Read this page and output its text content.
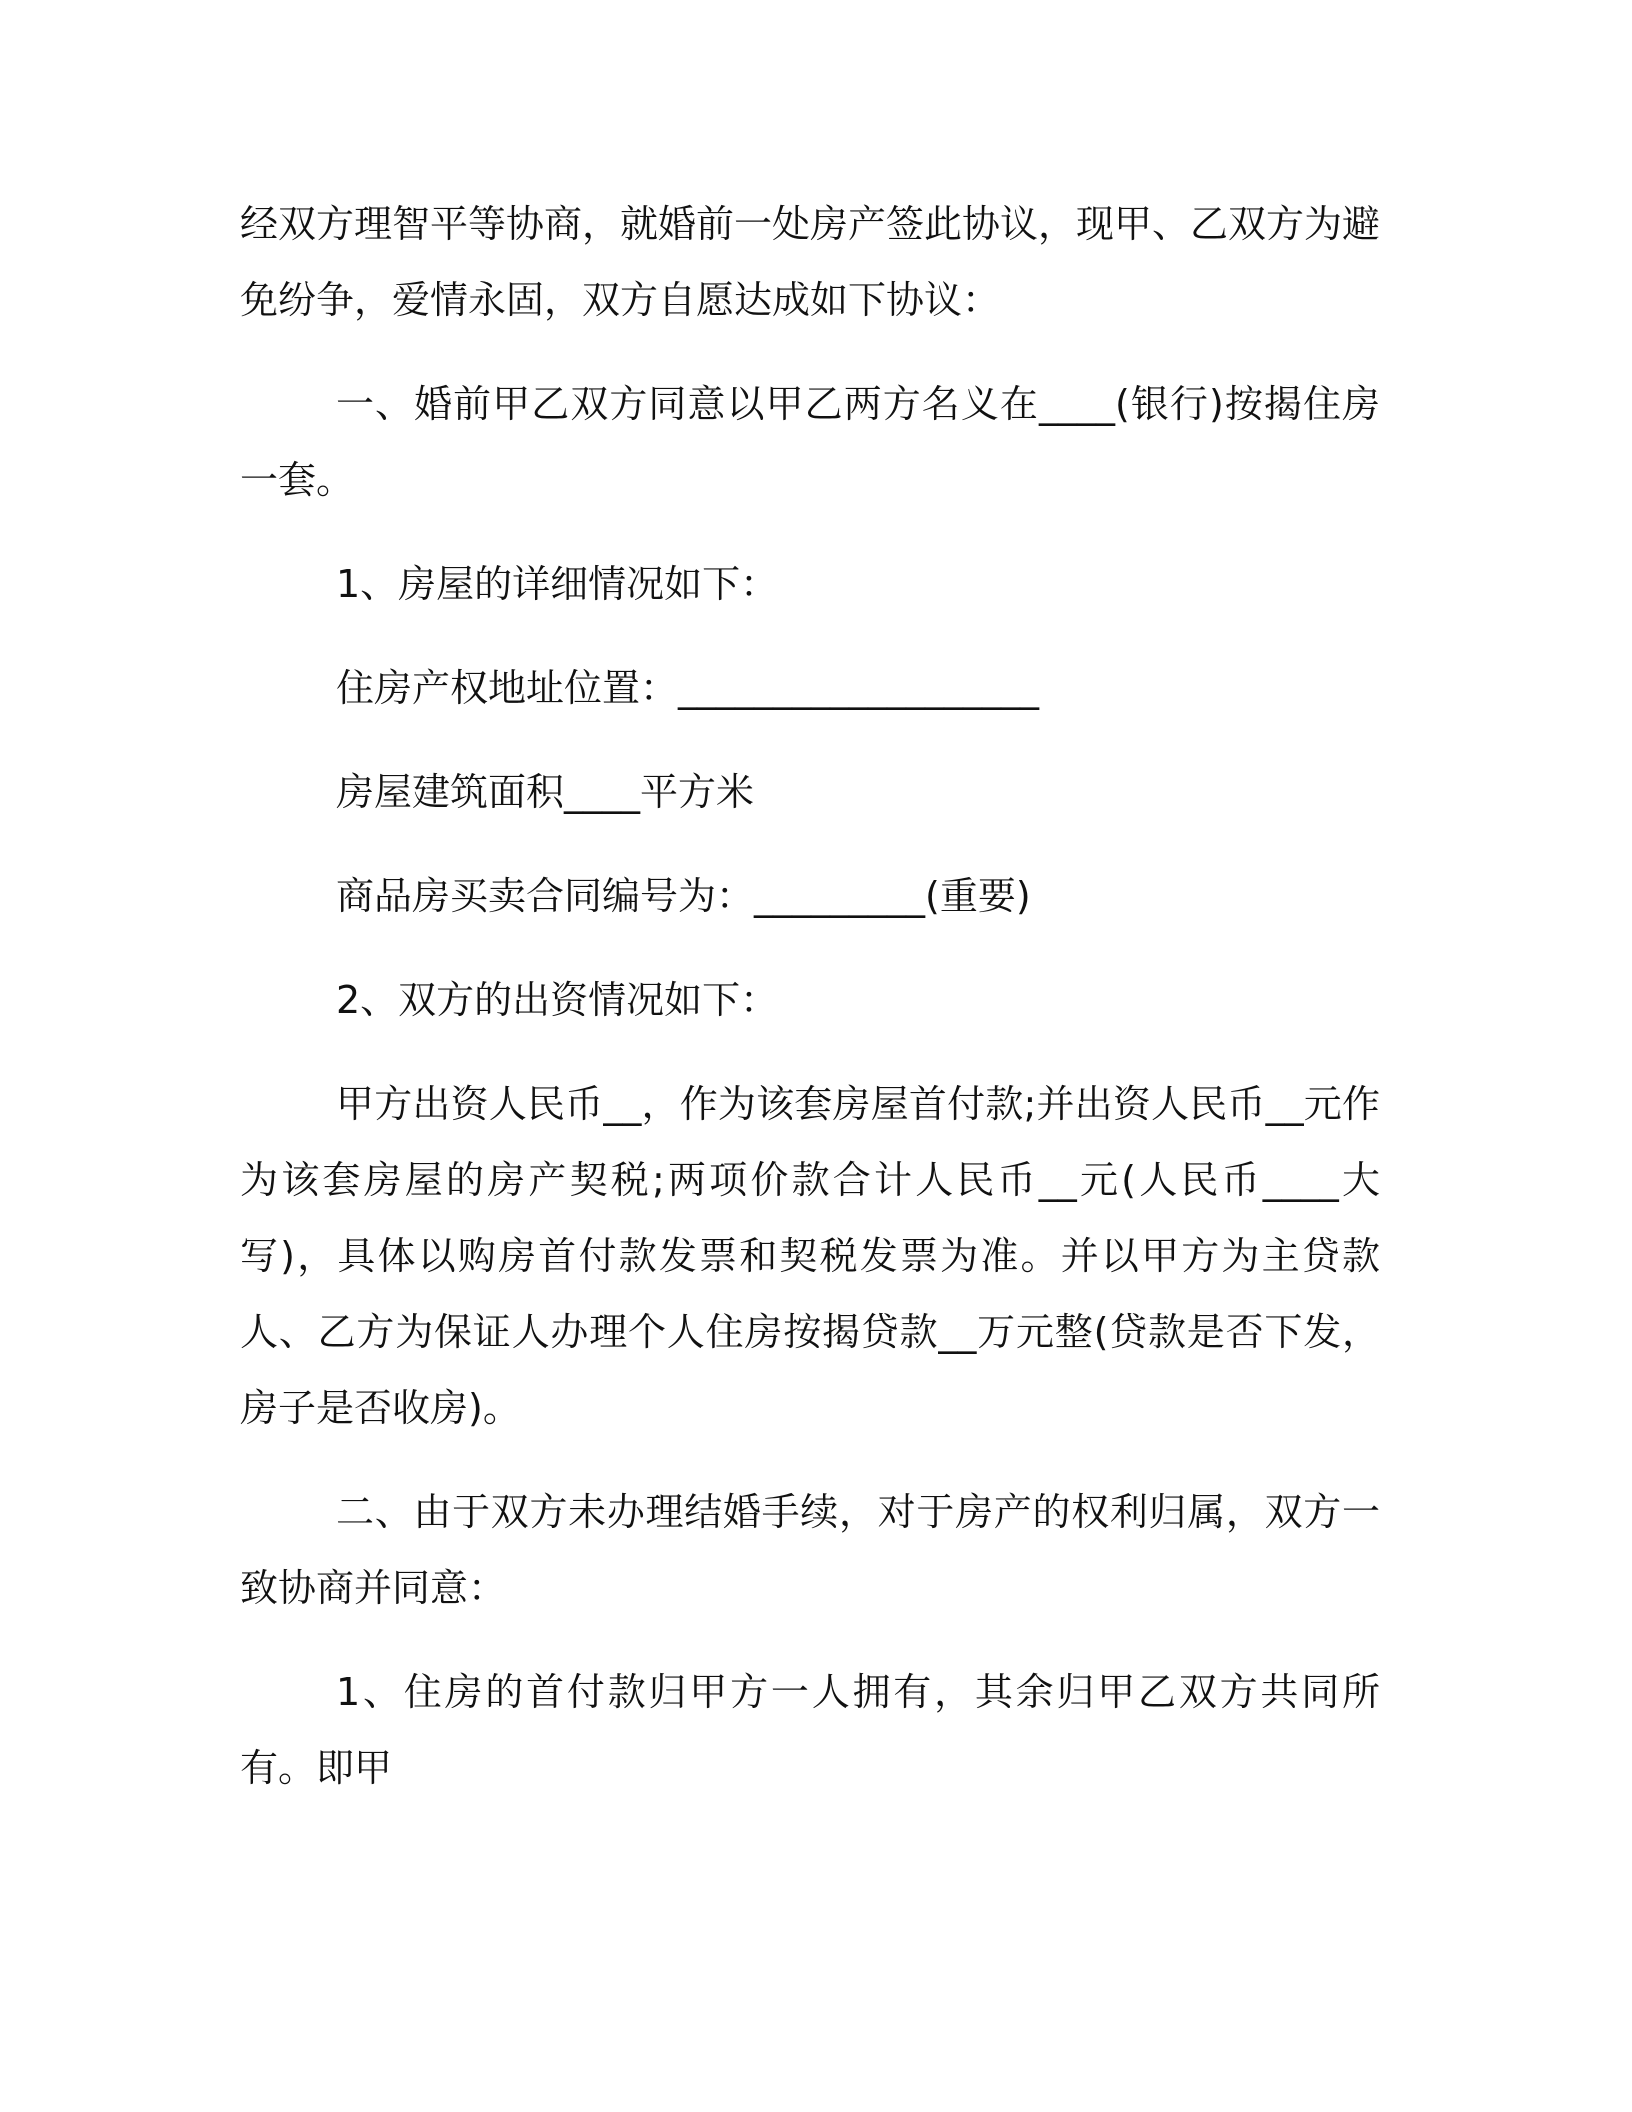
经双方理智平等协商，就婚前一处房产签此协议，现甲、乙双方为避免纷争，爱情永固，双方自愿达成如下协议：

一、婚前甲乙双方同意以甲乙两方名义在____(银行)按揭住房一套。

1、房屋的详细情况如下：

住房产权地址位置：___________________

房屋建筑面积____平方米

商品房买卖合同编号为：_________(重要)

2、双方的出资情况如下：

甲方出资人民币__，作为该套房屋首付款;并出资人民币__元作为该套房屋的房产契税;两项价款合计人民币__元(人民币____大写)，具体以购房首付款发票和契税发票为准。并以甲方为主贷款人、乙方为保证人办理个人住房按揭贷款__万元整(贷款是否下发，房子是否收房)。

二、由于双方未办理结婚手续，对于房产的权利归属，双方一致协商并同意：

1、住房的首付款归甲方一人拥有，其余归甲乙双方共同所有。即甲
